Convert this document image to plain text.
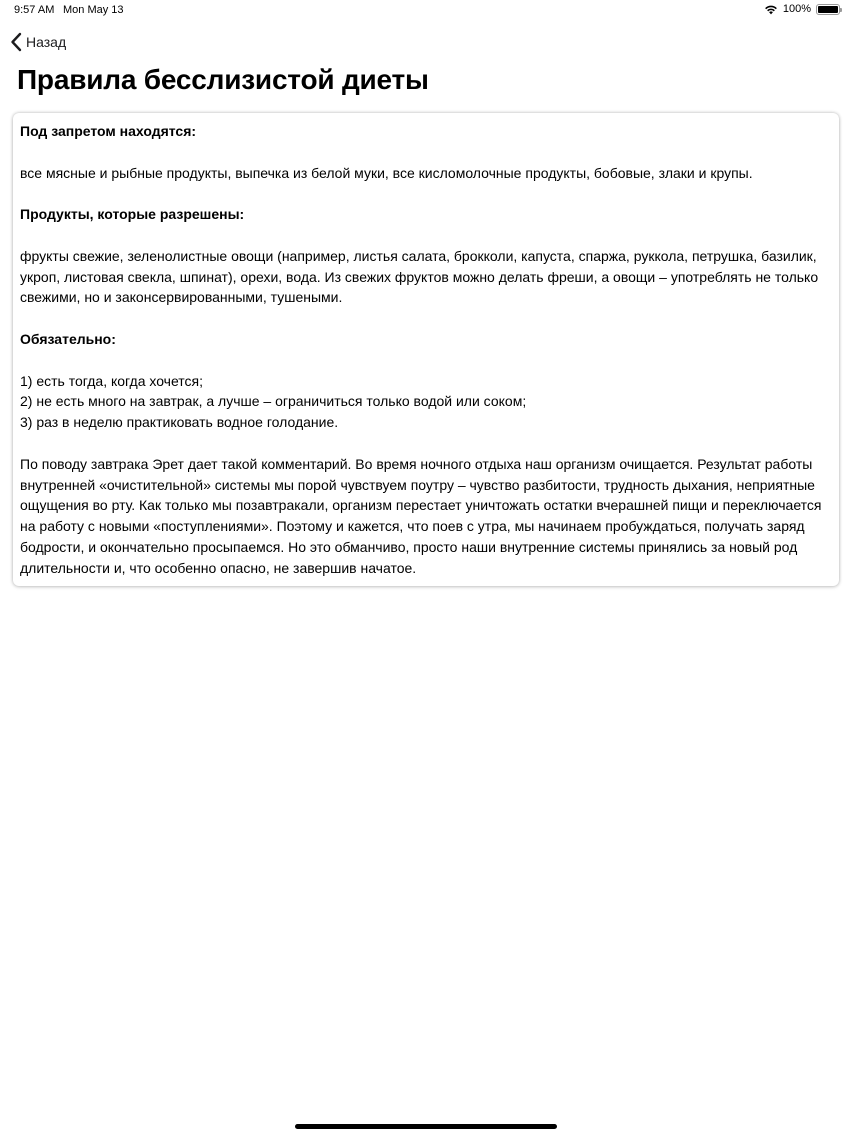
9:57 AM Mon May 13	100%
Назад
Правила бесслизистой диеты

Под запретом находятся:

все мясные и рыбные продукты, выпечка из белой муки, все кисломолочные продукты, бобовые, злаки и крупы.

Продукты, которые разрешены:

фрукты свежие, зеленолистные овощи (например, листья салата, брокколи, капуста, спаржа, руккола, петрушка, базилик, укроп, листовая свекла, шпинат), орехи, вода. Из свежих фруктов можно делать фреши, а овощи – употреблять не только свежими, но и законсервированными, тушеными.

Обязательно:

1) есть тогда, когда хочется;

2) не есть много на завтрак, а лучше – ограничиться только водой или соком;

3) раз в неделю практиковать водное голодание.

По поводу завтрака Эрет дает такой комментарий. Во время ночного отдыха наш организм очищается. Результат работы внутренней «очистительной» системы мы порой чувствуем поутру – чувство разбитости, трудность дыхания, неприятные ощущения во рту. Как только мы позавтракали, организм перестает уничтожать остатки вчерашней пищи и переключается на работу с новыми «поступлениями». Поэтому и кажется, что поев с утра, мы начинаем пробуждаться, получать заряд бодрости, и окончательно просыпаемся. Но это обманчиво, просто наши внутренние системы принялись за новый род длительности и, что особенно опасно, не завершив начатое.
